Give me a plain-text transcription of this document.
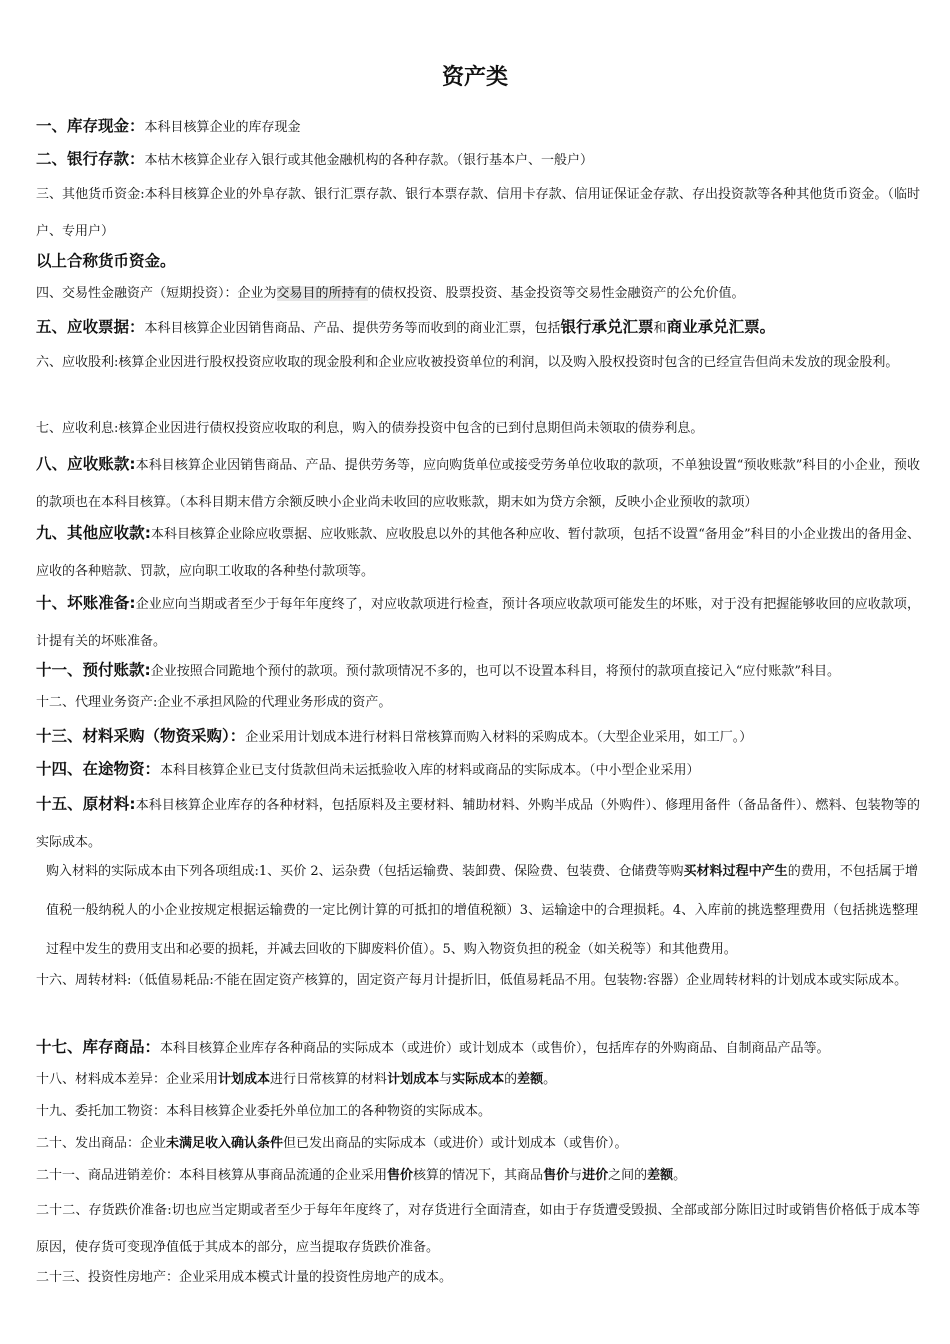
资产类
一、库存现金：本科目核算企业的库存现金
二、银行存款：本枯木核算企业存入银行或其他金融机构的各种存款。（银行基本户、一般户）
三、其他货币资金:本科目核算企业的外阜存款、银行汇票存款、银行本票存款、信用卡存款、信用证保证金存款、存出投资款等各种其他货币资金。（临时户、专用户）
以上合称货币资金。
四、交易性金融资产（短期投资）：企业为交易目的所持有的债权投资、股票投资、基金投资等交易性金融资产的公允价值。
五、应收票据：本科目核算企业因销售商品、产品、提供劳务等而收到的商业汇票，包括银行承兑汇票和商业承兑汇票。
六、应收股利:核算企业因进行股权投资应收取的现金股利和企业应收被投资单位的利润，以及购入股权投资时包含的已经宣告但尚未发放的现金股利。
七、应收利息:核算企业因进行债权投资应收取的利息，购入的债券投资中包含的已到付息期但尚未领取的债券利息。
八、应收账款:本科目核算企业因销售商品、产品、提供劳务等，应向购货单位或接受劳务单位收取的款项，不单独设置“预收账款”科目的小企业，预收的款项也在本科目核算。（本科目期末借方余额反映小企业尚未收回的应收账款，期末如为贷方余额，反映小企业预收的款项）
九、其他应收款:本科目核算企业除应收票据、应收账款、应收股息以外的其他各种应收、暂付款项，包括不设置“备用金”科目的小企业拨出的备用金、应收的各种赔款、罚款，应向职工收取的各种垫付款项等。
十、坏账准备:企业应向当期或者至少于每年年度终了，对应收款项进行检查，预计各项应收款项可能发生的坏账，对于没有把握能够收回的应收款项，计提有关的坏账准备。
十一、预付账款:企业按照合同跪地个预付的款项。预付款项情况不多的，也可以不设置本科目，将预付的款项直接记入“应付账款”科目。
十二、代理业务资产:企业不承担风险的代理业务形成的资产。
十三、材料采购（物资采购）：企业采用计划成本进行材料日常核算而购入材料的采购成本。（大型企业采用，如工厂。）
十四、在途物资：本科目核算企业已支付货款但尚未运抵验收入库的材料或商品的实际成本。（中小型企业采用）
十五、原材料:本科目核算企业库存的各种材料，包括原料及主要材料、辅助材料、外购半成品（外购件）、修理用备件（备品备件）、燃料、包装物等的实际成本。
购入材料的实际成本由下列各项组成:1、买价 2、运杂费（包括运输费、装卸费、保险费、包装费、仓储费等购买材料过程中产生的费用，不包括属于增值税一般纳税人的小企业按规定根据运输费的一定比例计算的可抵扣的增值税额）3、运输途中的合理损耗。4、入库前的挑选整理费用（包括挑选整理过程中发生的费用支出和必要的损耗，并减去回收的下脚废料价值）。5、购入物资负担的税金（如关税等）和其他费用。
十六、周转材料:（低值易耗品:不能在固定资产核算的，固定资产每月计提折旧，低值易耗品不用。包装物:容器）企业周转材料的计划成本或实际成本。
十七、库存商品：本科目核算企业库存各种商品的实际成本（或进价）或计划成本（或售价），包括库存的外购商品、自制商品产品等。
十八、材料成本差异：企业采用计划成本进行日常核算的材料计划成本与实际成本的差额。
十九、委托加工物资：本科目核算企业委托外单位加工的各种物资的实际成本。
二十、发出商品：企业未满足收入确认条件但已发出商品的实际成本（或进价）或计划成本（或售价）。
二十一、商品进销差价：本科目核算从事商品流通的企业采用售价核算的情况下，其商品售价与进价之间的差额。
二十二、存货跌价准备:切也应当定期或者至少于每年年度终了，对存货进行全面清查，如由于存货遭受毁损、全部或部分陈旧过时或销售价格低于成本等原因，使存货可变现净值低于其成本的部分，应当提取存货跌价准备。
二十三、投资性房地产：企业采用成本模式计量的投资性房地产的成本。
